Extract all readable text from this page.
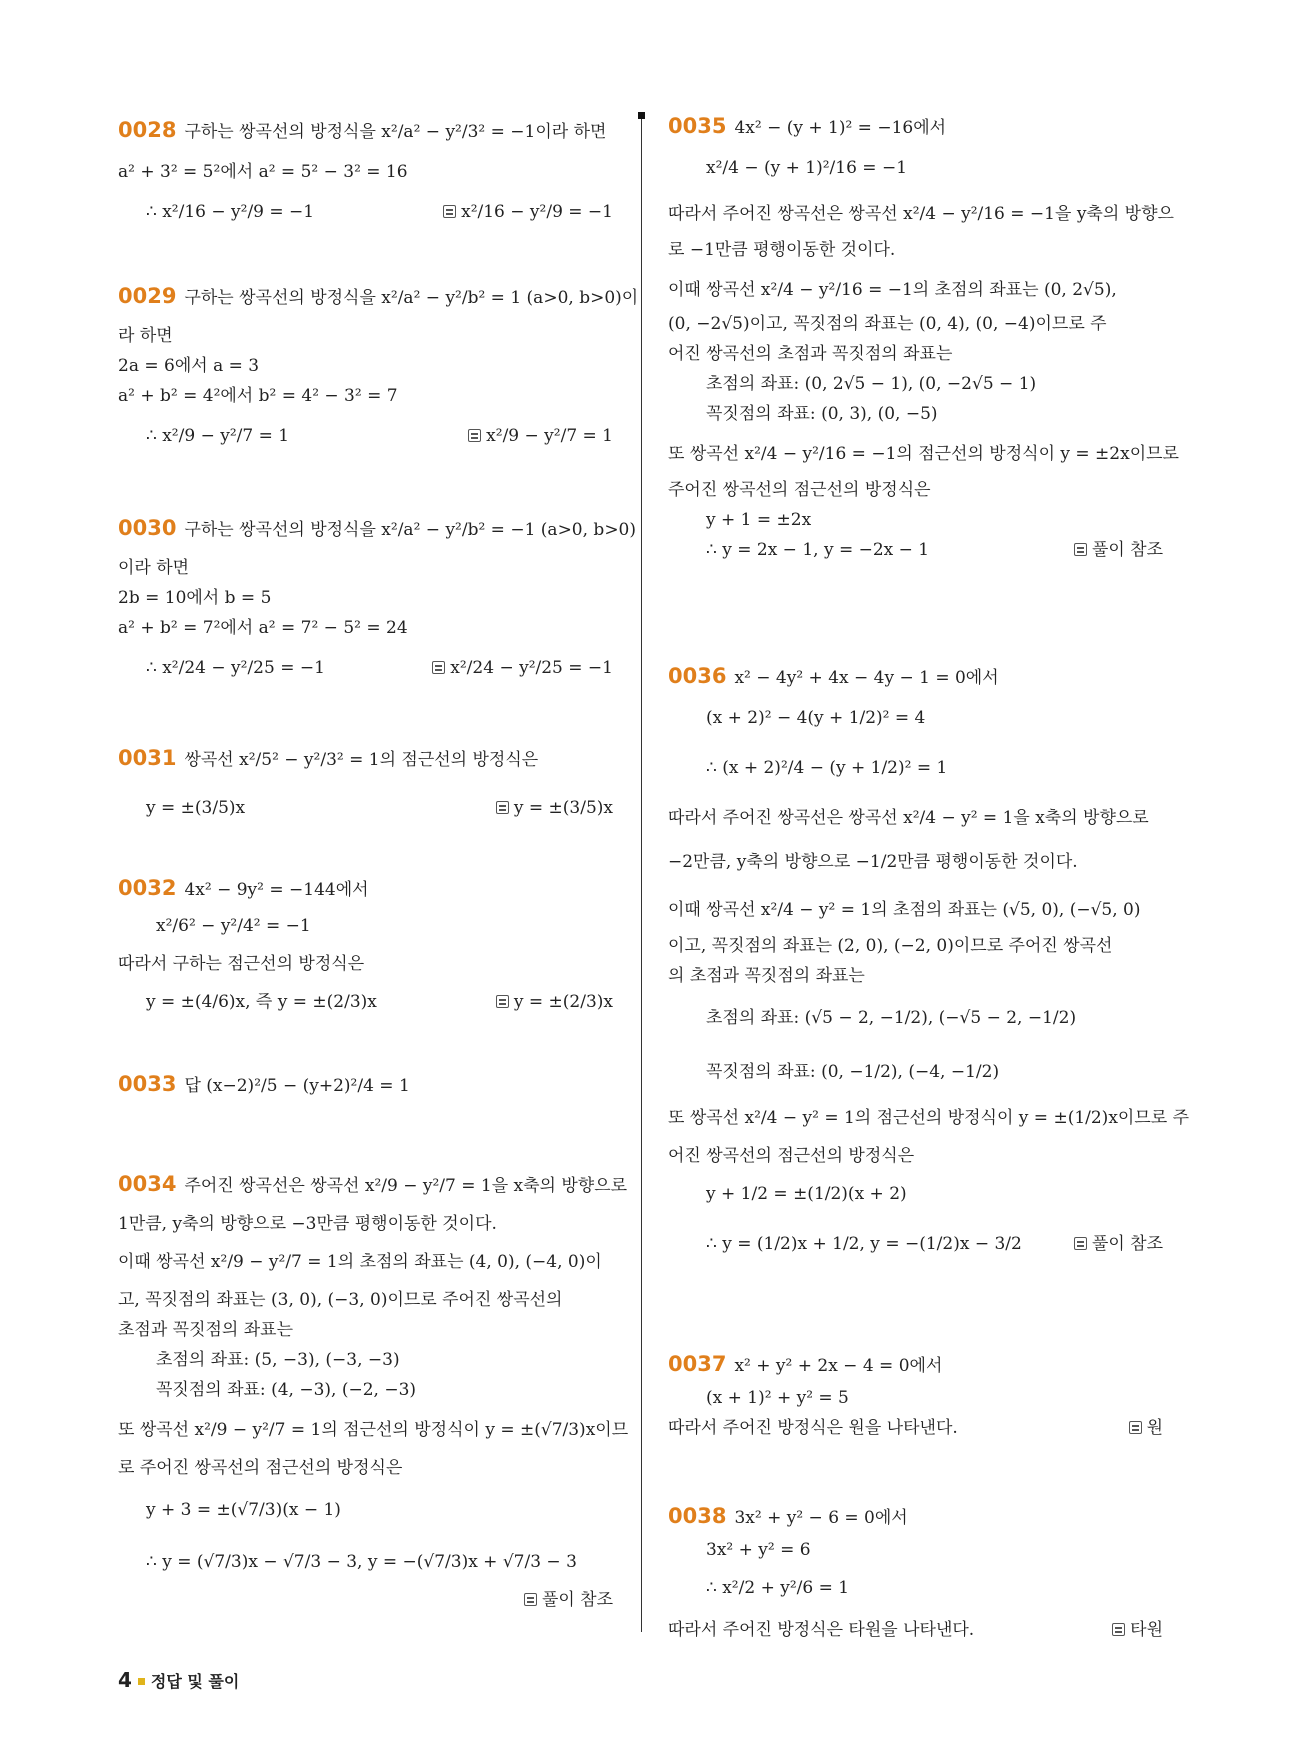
0028 구하는 쌍곡선의 방정식을 x²/a² − y²/3² = −1이라 하면
a² + 3² = 5²에서 a² = 5² − 3² = 16
∴ x²/16 − y²/9 = −1	x²/16 − y²/9 = −1
0029 구하는 쌍곡선의 방정식을 x²/a² − y²/b² = 1 (a>0, b>0)이
라 하면
2a = 6에서 a = 3
a² + b² = 4²에서 b² = 4² − 3² = 7
∴ x²/9 − y²/7 = 1	x²/9 − y²/7 = 1
0030 구하는 쌍곡선의 방정식을 x²/a² − y²/b² = −1 (a>0, b>0)
이라 하면
2b = 10에서 b = 5
a² + b² = 7²에서 a² = 7² − 5² = 24
∴ x²/24 − y²/25 = −1	x²/24 − y²/25 = −1
0031 쌍곡선 x²/5² − y²/3² = 1의 점근선의 방정식은
y = ±(3/5)x	y = ±(3/5)x
0032 4x² − 9y² = −144에서
x²/6² − y²/4² = −1
따라서 구하는 점근선의 방정식은
y = ±(4/6)x, 즉 y = ±(2/3)x	y = ±(2/3)x
0033 답 (x−2)²/5 − (y+2)²/4 = 1
0034 주어진 쌍곡선은 쌍곡선 x²/9 − y²/7 = 1을 x축의 방향으로
1만큼, y축의 방향으로 −3만큼 평행이동한 것이다.
이때 쌍곡선 x²/9 − y²/7 = 1의 초점의 좌표는 (4, 0), (−4, 0)이
고, 꼭짓점의 좌표는 (3, 0), (−3, 0)이므로 주어진 쌍곡선의
초점과 꼭짓점의 좌표는
초점의 좌표: (5, −3), (−3, −3)
꼭짓점의 좌표: (4, −3), (−2, −3)
또 쌍곡선 x²/9 − y²/7 = 1의 점근선의 방정식이 y = ±(√7/3)x이므
로 주어진 쌍곡선의 점근선의 방정식은
y + 3 = ±(√7/3)(x − 1)
∴ y = (√7/3)x − √7/3 − 3, y = −(√7/3)x + √7/3 − 3
풀이 참조
0035 4x² − (y + 1)² = −16에서
x²/4 − (y + 1)²/16 = −1
따라서 주어진 쌍곡선은 쌍곡선 x²/4 − y²/16 = −1을 y축의 방향으
로 −1만큼 평행이동한 것이다.
이때 쌍곡선 x²/4 − y²/16 = −1의 초점의 좌표는 (0, 2√5),
(0, −2√5)이고, 꼭짓점의 좌표는 (0, 4), (0, −4)이므로 주
어진 쌍곡선의 초점과 꼭짓점의 좌표는
초점의 좌표: (0, 2√5 − 1), (0, −2√5 − 1)
꼭짓점의 좌표: (0, 3), (0, −5)
또 쌍곡선 x²/4 − y²/16 = −1의 점근선의 방정식이 y = ±2x이므로
주어진 쌍곡선의 점근선의 방정식은
y + 1 = ±2x
∴ y = 2x − 1, y = −2x − 1	풀이 참조
0036 x² − 4y² + 4x − 4y − 1 = 0에서
(x + 2)² − 4(y + 1/2)² = 4
∴ (x + 2)²/4 − (y + 1/2)² = 1
따라서 주어진 쌍곡선은 쌍곡선 x²/4 − y² = 1을 x축의 방향으로
−2만큼, y축의 방향으로 −1/2만큼 평행이동한 것이다.
이때 쌍곡선 x²/4 − y² = 1의 초점의 좌표는 (√5, 0), (−√5, 0)
이고, 꼭짓점의 좌표는 (2, 0), (−2, 0)이므로 주어진 쌍곡선
의 초점과 꼭짓점의 좌표는
초점의 좌표: (√5 − 2, −1/2), (−√5 − 2, −1/2)
꼭짓점의 좌표: (0, −1/2), (−4, −1/2)
또 쌍곡선 x²/4 − y² = 1의 점근선의 방정식이 y = ±(1/2)x이므로 주
어진 쌍곡선의 점근선의 방정식은
y + 1/2 = ±(1/2)(x + 2)
∴ y = (1/2)x + 1/2, y = −(1/2)x − 3/2	풀이 참조
0037 x² + y² + 2x − 4 = 0에서
(x + 1)² + y² = 5
따라서 주어진 방정식은 원을 나타낸다.	원
0038 3x² + y² − 6 = 0에서
3x² + y² = 6
∴ x²/2 + y²/6 = 1
따라서 주어진 방정식은 타원을 나타낸다.	타원
4 정답 및 풀이
